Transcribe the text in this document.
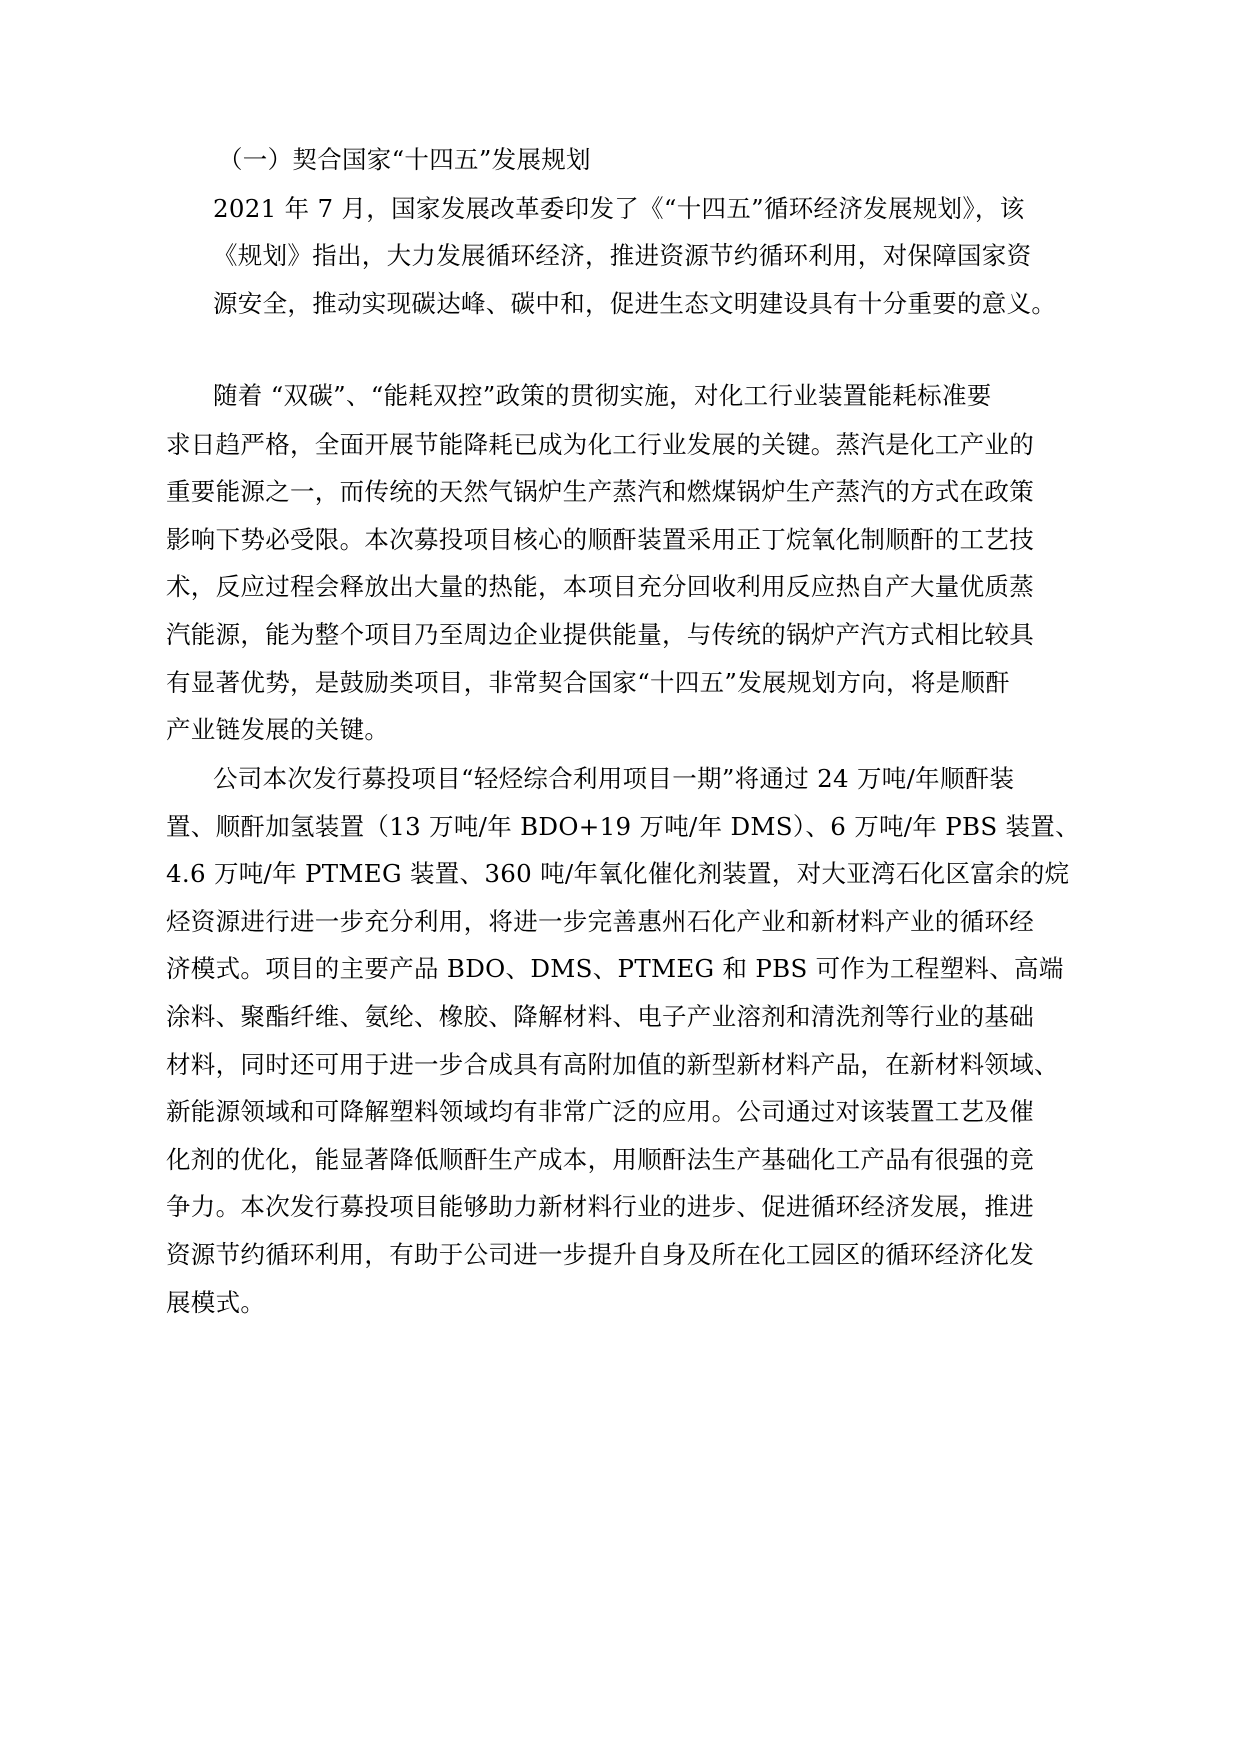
（一）契合国家“十四五”发展规划
2021 年 7 月，国家发展改革委印发了《“十四五”循环经济发展规划》，该
《规划》指出，大力发展循环经济，推进资源节约循环利用，对保障国家资
源安全，推动实现碳达峰、碳中和，促进生态文明建设具有十分重要的意义。
随着 “双碳”、“能耗双控”政策的贯彻实施，对化工行业装置能耗标准要
求日趋严格，全面开展节能降耗已成为化工行业发展的关键。蒸汽是化工产业的
重要能源之一，而传统的天然气锅炉生产蒸汽和燃煤锅炉生产蒸汽的方式在政策
影响下势必受限。本次募投项目核心的顺酐装置采用正丁烷氧化制顺酐的工艺技
术，反应过程会释放出大量的热能，本项目充分回收利用反应热自产大量优质蒸
汽能源，能为整个项目乃至周边企业提供能量，与传统的锅炉产汽方式相比较具
有显著优势，是鼓励类项目，非常契合国家“十四五”发展规划方向，将是顺酐
产业链发展的关键。
公司本次发行募投项目“轻烃综合利用项目一期”将通过 24 万吨/年顺酐装
置、顺酐加氢装置（13 万吨/年 BDO+19 万吨/年 DMS）、6 万吨/年 PBS 装置、
4.6 万吨/年 PTMEG 装置、360 吨/年氧化催化剂装置，对大亚湾石化区富余的烷
烃资源进行进一步充分利用，将进一步完善惠州石化产业和新材料产业的循环经
济模式。项目的主要产品 BDO、DMS、PTMEG 和 PBS 可作为工程塑料、高端
涂料、聚酯纤维、氨纶、橡胶、降解材料、电子产业溶剂和清洗剂等行业的基础
材料，同时还可用于进一步合成具有高附加值的新型新材料产品，在新材料领域、
新能源领域和可降解塑料领域均有非常广泛的应用。公司通过对该装置工艺及催
化剂的优化，能显著降低顺酐生产成本，用顺酐法生产基础化工产品有很强的竞
争力。本次发行募投项目能够助力新材料行业的进步、促进循环经济发展，推进
资源节约循环利用，有助于公司进一步提升自身及所在化工园区的循环经济化发
展模式。
